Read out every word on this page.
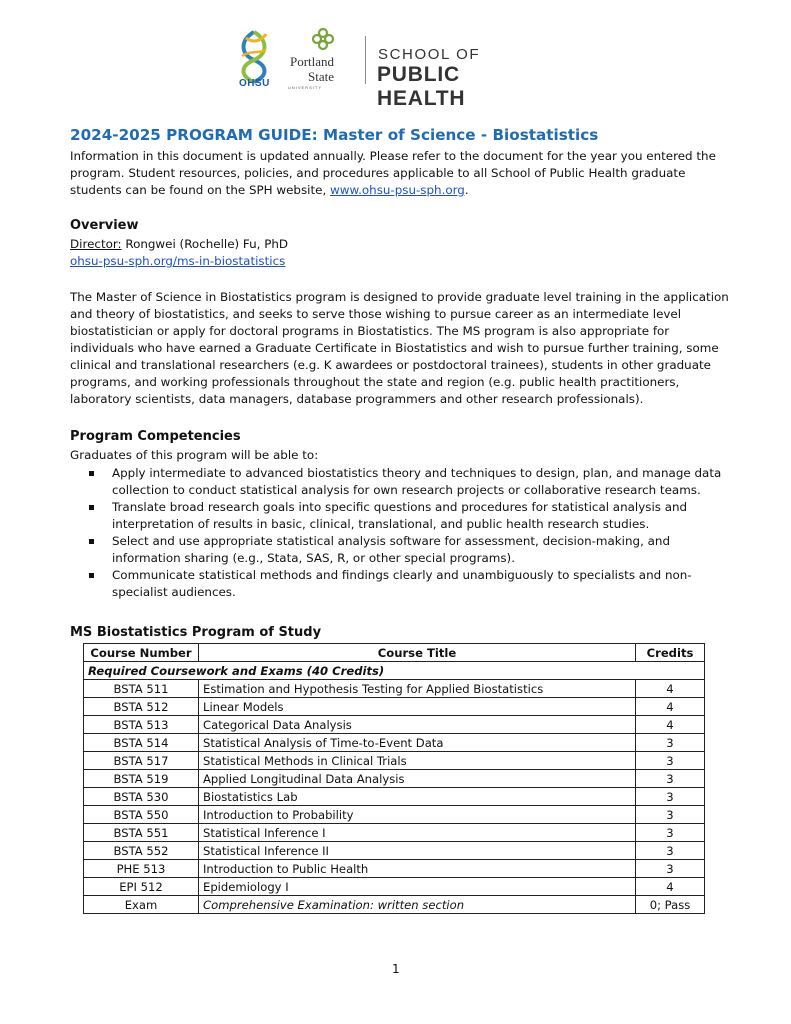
OHSU
Portland
State
UNIVERSITY
SCHOOL OF
PUBLIC HEALTH
2024-2025 PROGRAM GUIDE: Master of Science - Biostatistics
Information in this document is updated annually. Please refer to the document for the year you entered the program. Student resources, policies, and procedures applicable to all School of Public Health graduate students can be found on the SPH website, www.ohsu-psu-sph.org.
Overview
Director: Rongwei (Rochelle) Fu, PhD
ohsu-psu-sph.org/ms-in-biostatistics
The Master of Science in Biostatistics program is designed to provide graduate level training in the application and theory of biostatistics, and seeks to serve those wishing to pursue career as an intermediate level biostatistician or apply for doctoral programs in Biostatistics. The MS program is also appropriate for individuals who have earned a Graduate Certificate in Biostatistics and wish to pursue further training, some clinical and translational researchers (e.g. K awardees or postdoctoral trainees), students in other graduate programs, and working professionals throughout the state and region (e.g. public health practitioners, laboratory scientists, data managers, database programmers and other research professionals).
Program Competencies
Graduates of this program will be able to:
Apply intermediate to advanced biostatistics theory and techniques to design, plan, and manage data collection to conduct statistical analysis for own research projects or collaborative research teams.
Translate broad research goals into specific questions and procedures for statistical analysis and interpretation of results in basic, clinical, translational, and public health research studies.
Select and use appropriate statistical analysis software for assessment, decision-making, and information sharing (e.g., Stata, SAS, R, or other special programs).
Communicate statistical methods and findings clearly and unambiguously to specialists and non-specialist audiences.
MS Biostatistics Program of Study
Course Number	Course Title	Credits
Required Coursework and Exams (40 Credits)		
BSTA 511	Estimation and Hypothesis Testing for Applied Biostatistics	4
BSTA 512	Linear Models	4
BSTA 513	Categorical Data Analysis	4
BSTA 514	Statistical Analysis of Time-to-Event Data	3
BSTA 517	Statistical Methods in Clinical Trials	3
BSTA 519	Applied Longitudinal Data Analysis	3
BSTA 530	Biostatistics Lab	3
BSTA 550	Introduction to Probability	3
BSTA 551	Statistical Inference I	3
BSTA 552	Statistical Inference II	3
PHE 513	Introduction to Public Health	3
EPI 512	Epidemiology I	4
Exam	Comprehensive Examination: written section	0; Pass
1
